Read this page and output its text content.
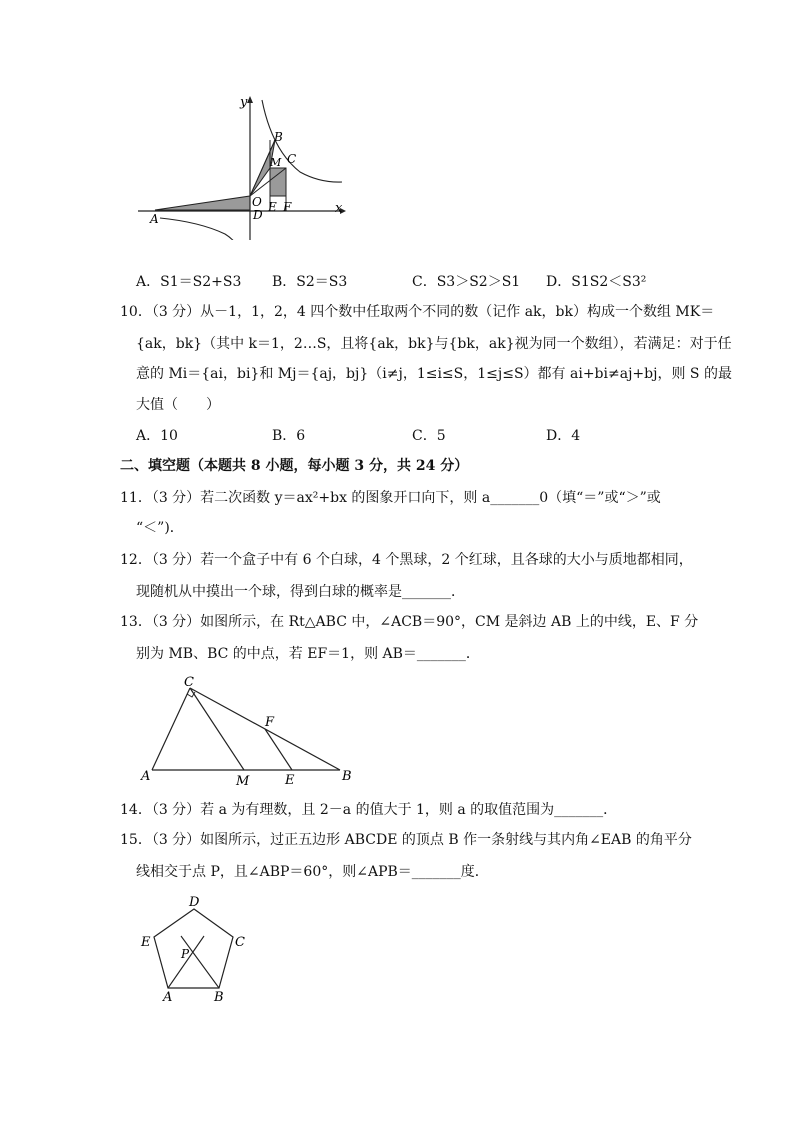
y
x
B
M C
O
D
E F
A
A．S1＝S2+S3 B．S2＝S3	C．S3＞S2＞S1 D．S1S2＜S3²
10．（3 分）从－1，1，2，4 四个数中任取两个不同的数（记作 ak，bk）构成一个数组 MK＝
{ak，bk}（其中 k＝1，2…S，且将{ak，bk}与{bk，ak}视为同一个数组），若满足：对于任
意的 Mi＝{ai，bi}和 Mj＝{aj，bj}（i≠j，1≤i≤S，1≤j≤S）都有 ai+bi≠aj+bj，则 S 的最
大值（　　）
A．10	B．6	C．5	D．4
二、填空题（本题共 8 小题，每小题 3 分，共 24 分）
11．（3 分）若二次函数 y＝ax²+bx 的图象开口向下，则 a_______0（填“＝”或“＞”或
“＜”)．
12．（3 分）若一个盒子中有 6 个白球，4 个黑球，2 个红球，且各球的大小与质地都相同，
现随机从中摸出一个球，得到白球的概率是_______．
13．（3 分）如图所示，在 Rt△ABC 中，∠ACB＝90°，CM 是斜边 AB 上的中线，E、F 分
别为 MB、BC 的中点，若 EF＝1，则 AB＝_______．
C
F
A	M	E	B
14．（3 分）若 a 为有理数，且 2－a 的值大于 1，则 a 的取值范围为_______．
15．（3 分）如图所示，过正五边形 ABCDE 的顶点 B 作一条射线与其内角∠EAB 的角平分
线相交于点 P，且∠ABP＝60°，则∠APB＝_______度．
D
E	C
P
A	B
